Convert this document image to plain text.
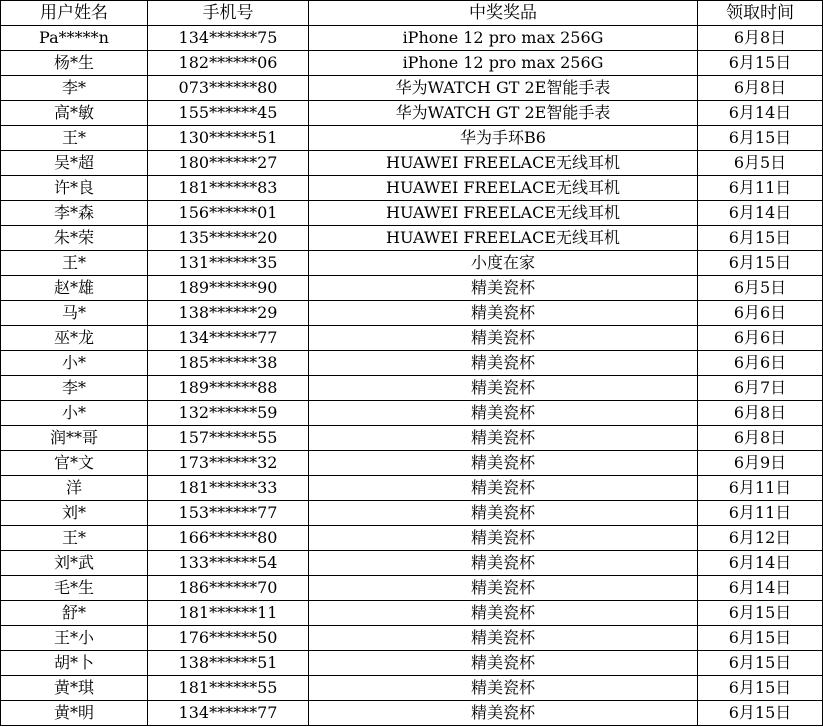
用户姓名	手机号	中奖奖品	领取时间
Pa*****n	134******75	iPhone 12 pro max 256G	6月8日
杨*生	182******06	iPhone 12 pro max 256G	6月15日
李*	073******80	华为WATCH GT 2E智能手表	6月8日
高*敏	155******45	华为WATCH GT 2E智能手表	6月14日
王*	130******51	华为手环B6	6月15日
吴*超	180******27	HUAWEI FREELACE无线耳机	6月5日
许*良	181******83	HUAWEI FREELACE无线耳机	6月11日
李*森	156******01	HUAWEI FREELACE无线耳机	6月14日
朱*荣	135******20	HUAWEI FREELACE无线耳机	6月15日
王*	131******35	小度在家	6月15日
赵*雄	189******90	精美瓷杯	6月5日
马*	138******29	精美瓷杯	6月6日
巫*龙	134******77	精美瓷杯	6月6日
小*	185******38	精美瓷杯	6月6日
李*	189******88	精美瓷杯	6月7日
小*	132******59	精美瓷杯	6月8日
润**哥	157******55	精美瓷杯	6月8日
官*文	173******32	精美瓷杯	6月9日
洋	181******33	精美瓷杯	6月11日
刘*	153******77	精美瓷杯	6月11日
王*	166******80	精美瓷杯	6月12日
刘*武	133******54	精美瓷杯	6月14日
毛*生	186******70	精美瓷杯	6月14日
舒*	181******11	精美瓷杯	6月15日
王*小	176******50	精美瓷杯	6月15日
胡*卜	138******51	精美瓷杯	6月15日
黄*琪	181******55	精美瓷杯	6月15日
黄*明	134******77	精美瓷杯	6月15日
